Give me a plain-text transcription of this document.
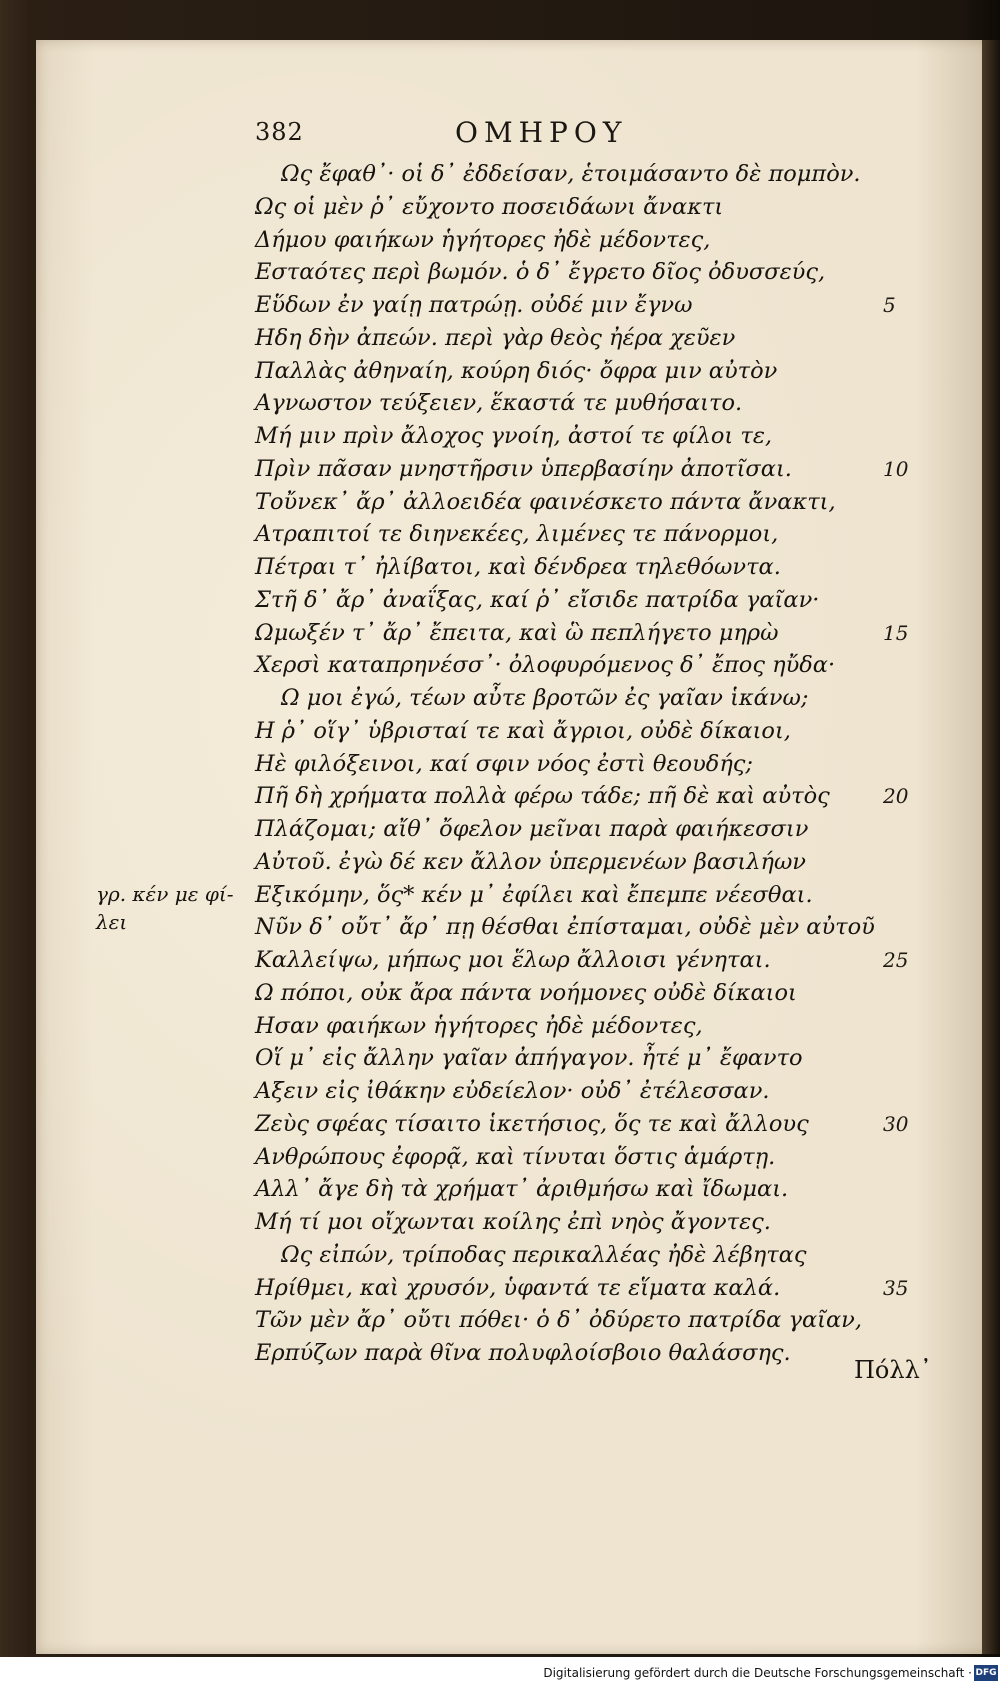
382	ΟΜΗΡΟΥ
Ως ἔφαθ᾽· οἱ δ᾽ ἐδδείσαν, ἑτοιμάσαντο δὲ πομπὸν.
Ως οἱ μὲν ῥ᾽ εὔχοντο ποσειδάωνι ἄνακτι
Δήμου φαιήκων ἡγήτορες ἠδὲ μέδοντες,
Εσταότες περὶ βωμόν. ὁ δ᾽ ἔγρετο δῖος ὀδυσσεύς,
Εὕδων ἐν γαίῃ πατρώῃ. οὐδέ μιν ἔγνω	5
Ηδη δὴν ἀπεών. περὶ γὰρ θεὸς ἠέρα χεῦεν
Παλλὰς ἀθηναίη, κούρη διός· ὄφρα μιν αὐτὸν
Αγνωστον τεύξειεν, ἕκαστά τε μυθήσαιτο.
Μή μιν πρὶν ἄλοχος γνοίη, ἀστοί τε φίλοι τε,
Πρὶν πᾶσαν μνηστῆρσιν ὑπερβασίην ἀποτῖσαι.	10
Τοὔνεκ᾽ ἄρ᾽ ἀλλοειδέα φαινέσκετο πάντα ἄνακτι,
Ατραπιτοί τε διηνεκέες, λιμένες τε πάνορμοι,
Πέτραι τ᾽ ἠλίβατοι, καὶ δένδρεα τηλεθόωντα.
Στῆ δ᾽ ἄρ᾽ ἀναΐξας, καί ῥ᾽ εἴσιδε πατρίδα γαῖαν·
Ωμωξέν τ᾽ ἄρ᾽ ἔπειτα, καὶ ὣ πεπλήγετο μηρὼ	15
Χερσὶ καταπρηνέσσ᾽· ὀλοφυρόμενος δ᾽ ἔπος ηὔδα·
Ω μοι ἐγώ, τέων αὖτε βροτῶν ἐς γαῖαν ἱκάνω;
Η ῥ᾽ οἵγ᾽ ὑβρισταί τε καὶ ἄγριοι, οὐδὲ δίκαιοι,
Ηὲ φιλόξεινοι, καί σφιν νόος ἐστὶ θεουδής;
Πῆ δὴ χρήματα πολλὰ φέρω τάδε; πῆ δὲ καὶ αὐτὸς	20
Πλάζομαι; αἴθ᾽ ὄφελον μεῖναι παρὰ φαιήκεσσιν
Αὐτοῦ. ἐγὼ δέ κεν ἄλλον ὑπερμενέων βασιλήων
Εξικόμην, ὅς* κέν μ᾽ ἐφίλει καὶ ἔπεμπε νέεσθαι.
Νῦν δ᾽ οὔτ᾽ ἄρ᾽ πῃ θέσθαι ἐπίσταμαι, οὐδὲ μὲν αὐτοῦ
Καλλείψω, μήπως μοι ἕλωρ ἄλλοισι γένηται.	25
Ω πόποι, οὐκ ἄρα πάντα νοήμονες οὐδὲ δίκαιοι
Ησαν φαιήκων ἡγήτορες ἠδὲ μέδοντες,
Οἵ μ᾽ εἰς ἄλλην γαῖαν ἀπήγαγον. ἦτέ μ᾽ ἔφαντο
Αξειν εἰς ἰθάκην εὐδείελον· οὐδ᾽ ἐτέλεσσαν.
Ζεὺς σφέας τίσαιτο ἱκετήσιος, ὅς τε καὶ ἄλλους	30
Ανθρώπους ἐφορᾷ, καὶ τίνυται ὅστις ἁμάρτῃ.
Αλλ᾽ ἄγε δὴ τὰ χρήματ᾽ ἀριθμήσω καὶ ἴδωμαι.
Μή τί μοι οἴχωνται κοίλης ἐπὶ νηὸς ἄγοντες.
Ως εἰπών, τρίποδας περικαλλέας ἠδὲ λέβητας
Ηρίθμει, καὶ χρυσόν, ὑφαντά τε εἵματα καλά.	35
Τῶν μὲν ἄρ᾽ οὔτι πόθει· ὁ δ᾽ ὀδύρετο πατρίδα γαῖαν,
Ερπύζων παρὰ θῖνα πολυφλοίσβοιο θαλάσσης.
γρ. κέν με φί-
λει
Πόλλ᾽
Digitalisierung gefördert durch die Deutsche Forschungsgemeinschaft · DFG
